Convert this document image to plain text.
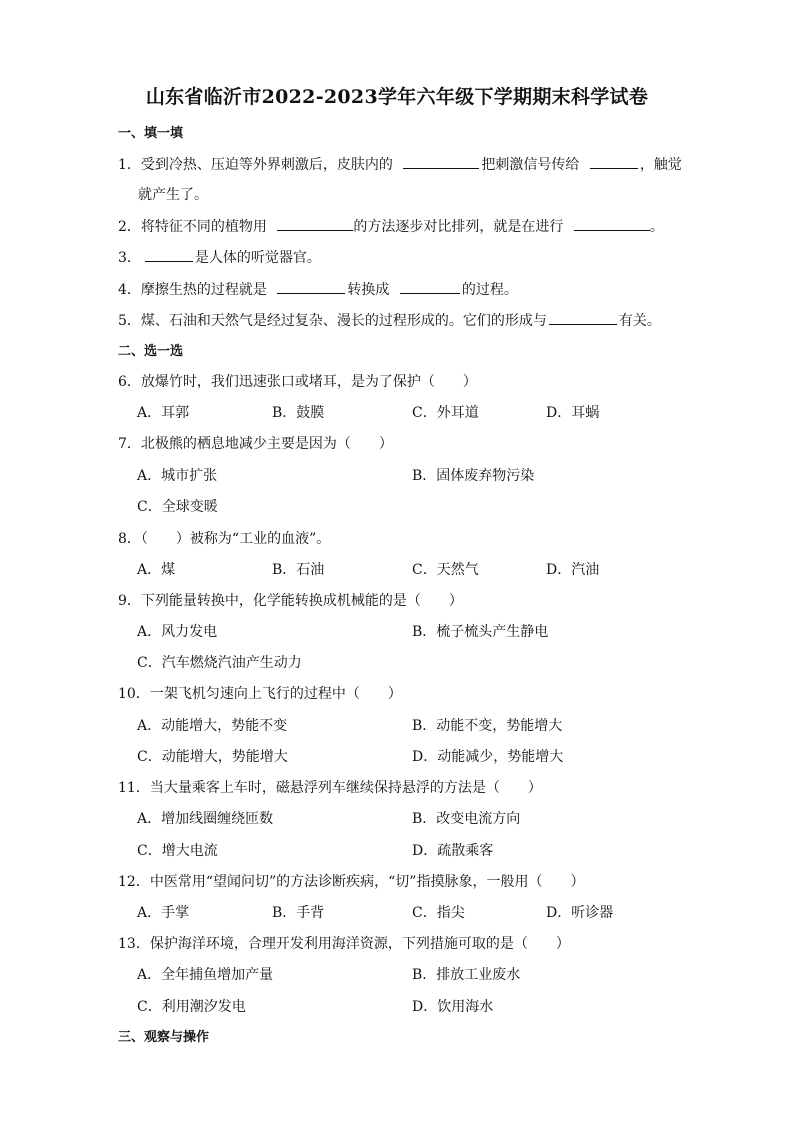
山东省临沂市2022-2023学年六年级下学期期末科学试卷
一、填一填
1．受到冷热、压迫等外界刺激后，皮肤内的	把刺激信号传给	，触觉
就产生了。
2．将特征不同的植物用	的方法逐步对比排列，就是在进行	。
3．	是人体的听觉器官。
4．摩擦生热的过程就是	转换成	的过程。
5．煤、石油和天然气是经过复杂、漫长的过程形成的。它们的形成与	有关。
二、选一选
6．放爆竹时，我们迅速张口或堵耳，是为了保护（　　）
A．耳郭	B．鼓膜	C．外耳道	D．耳蜗
7．北极熊的栖息地减少主要是因为（　　）
A．城市扩张	B．固体废弃物污染
C．全球变暖
8．（　　）被称为“工业的血液”。
A．煤	B．石油	C．天然气	D．汽油
9．下列能量转换中，化学能转换成机械能的是（　　）
A．风力发电	B．梳子梳头产生静电
C．汽车燃烧汽油产生动力
10．一架飞机匀速向上飞行的过程中（　　）
A．动能增大，势能不变	B．动能不变，势能增大
C．动能增大，势能增大	D．动能减少，势能增大
11．当大量乘客上车时，磁悬浮列车继续保持悬浮的方法是（　　）
A．增加线圈缠绕匝数	B．改变电流方向
C．增大电流	D．疏散乘客
12．中医常用“望闻问切”的方法诊断疾病，“切”指摸脉象，一般用（　　）
A．手掌	B．手背	C．指尖	D．听诊器
13．保护海洋环境，合理开发利用海洋资源，下列措施可取的是（　　）
A．全年捕鱼增加产量	B．排放工业废水
C．利用潮汐发电	D．饮用海水
三、观察与操作
